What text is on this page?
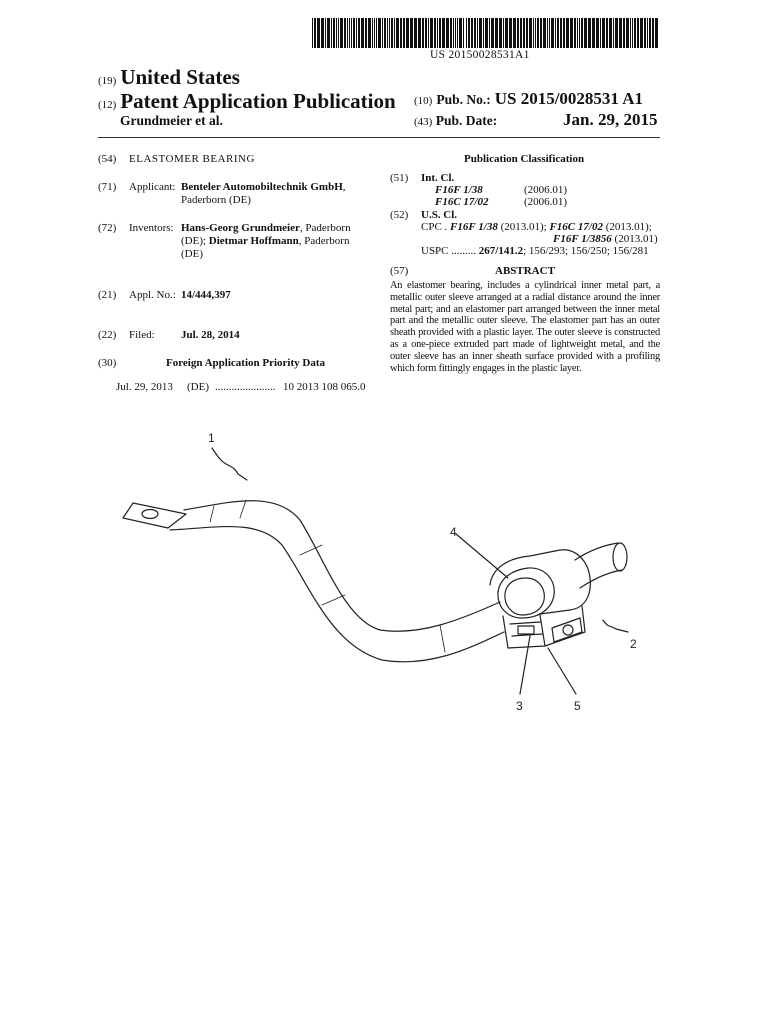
US 20150028531A1
(19) United States
(12) Patent Application Publication
Grundmeier et al.
(10) Pub. No.: US 2015/0028531 A1
(43) Pub. Date:	Jan. 29, 2015
(54) ELASTOMER BEARING
(71) Applicant: Benteler Automobiltechnik GmbH,
Paderborn (DE)
(72) Inventors: Hans-Georg Grundmeier, Paderborn
(DE); Dietmar Hoffmann, Paderborn
(DE)
(21) Appl. No.: 14/444,397
(22) Filed: Jul. 28, 2014
(30)	Foreign Application Priority Data
Jul. 29, 2013 (DE) ...................... 10 2013 108 065.0
Publication Classification
(51) Int. Cl.
F16F 1/38	(2006.01)
F16C 17/02	(2006.01)
(52) U.S. Cl.
CPC . F16F 1/38 (2013.01); F16C 17/02 (2013.01);
F16F 1/3856 (2013.01)
USPC ......... 267/141.2; 156/293; 156/250; 156/281
(57)	ABSTRACT
An elastomer bearing, includes a cylindrical inner metal part, a metallic outer sleeve arranged at a radial distance around the inner metal part; and an elastomer part arranged between the inner metal part and the metallic outer sleeve. The elastomer part has an outer sheath provided with a plastic layer. The outer sleeve is constructed as a one-piece extruded part made of lightweight metal, and the outer sleeve has an inner sheath surface provided with a profiling which form fittingly engages in the plastic layer.
1
4
2
3	5
